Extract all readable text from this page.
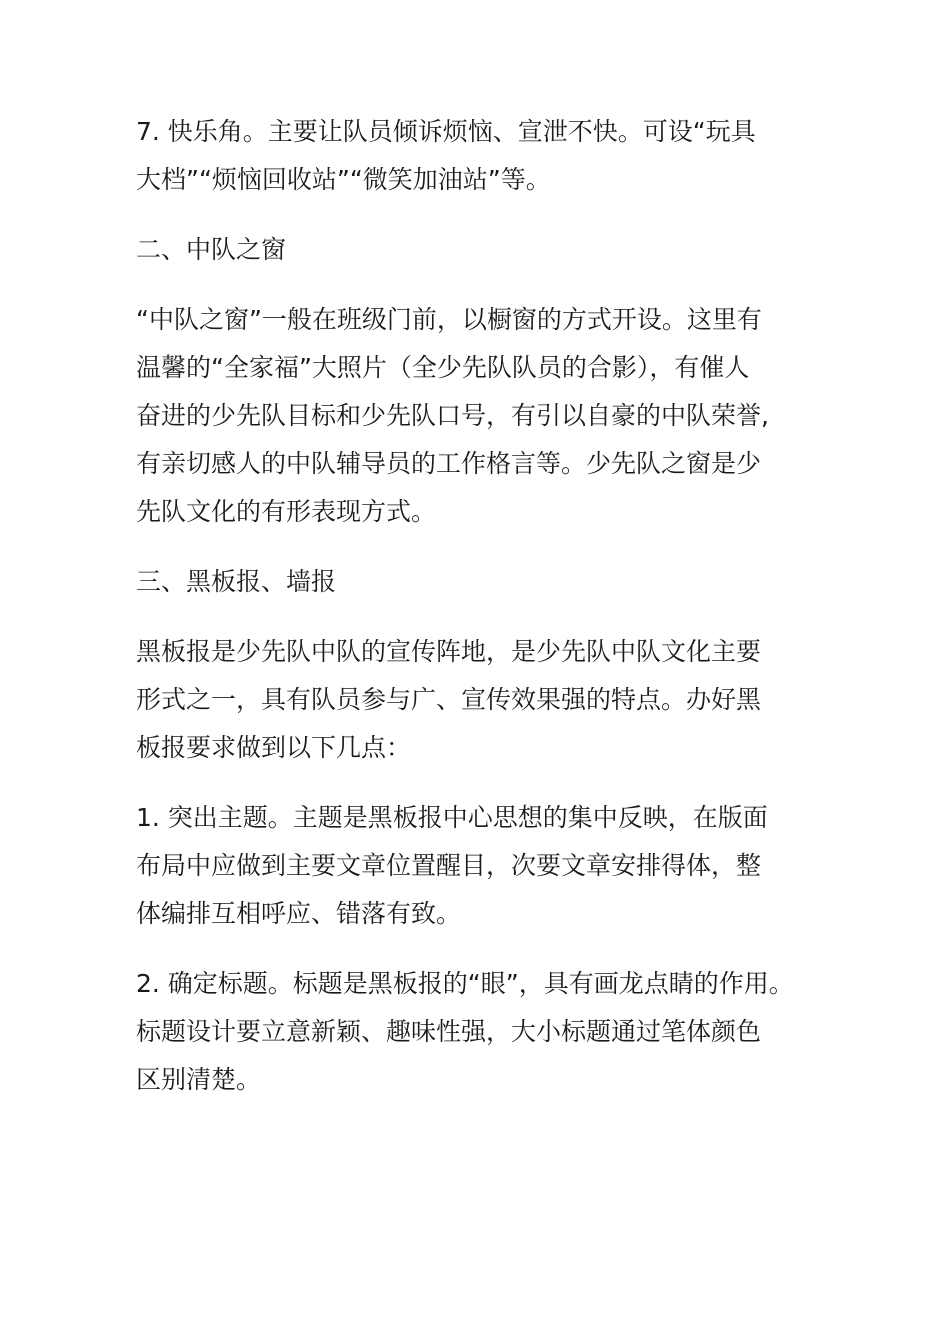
7. 快乐角。主要让队员倾诉烦恼、宣泄不快。可设“玩具
大档”“烦恼回收站”“微笑加油站”等。
二、中队之窗
“中队之窗”一般在班级门前，以橱窗的方式开设。这里有
温馨的“全家福”大照片（全少先队队员的合影），有催人
奋进的少先队目标和少先队口号，有引以自豪的中队荣誉,
有亲切感人的中队辅导员的工作格言等。少先队之窗是少
先队文化的有形表现方式。
三、黑板报、墙报
黑板报是少先队中队的宣传阵地，是少先队中队文化主要
形式之一，具有队员参与广、宣传效果强的特点。办好黑
板报要求做到以下几点：
1. 突出主题。主题是黑板报中心思想的集中反映，在版面
布局中应做到主要文章位置醒目，次要文章安排得体，整
体编排互相呼应、错落有致。
2. 确定标题。标题是黑板报的“眼”，具有画龙点睛的作用。
标题设计要立意新颖、趣味性强，大小标题通过笔体颜色
区别清楚。
